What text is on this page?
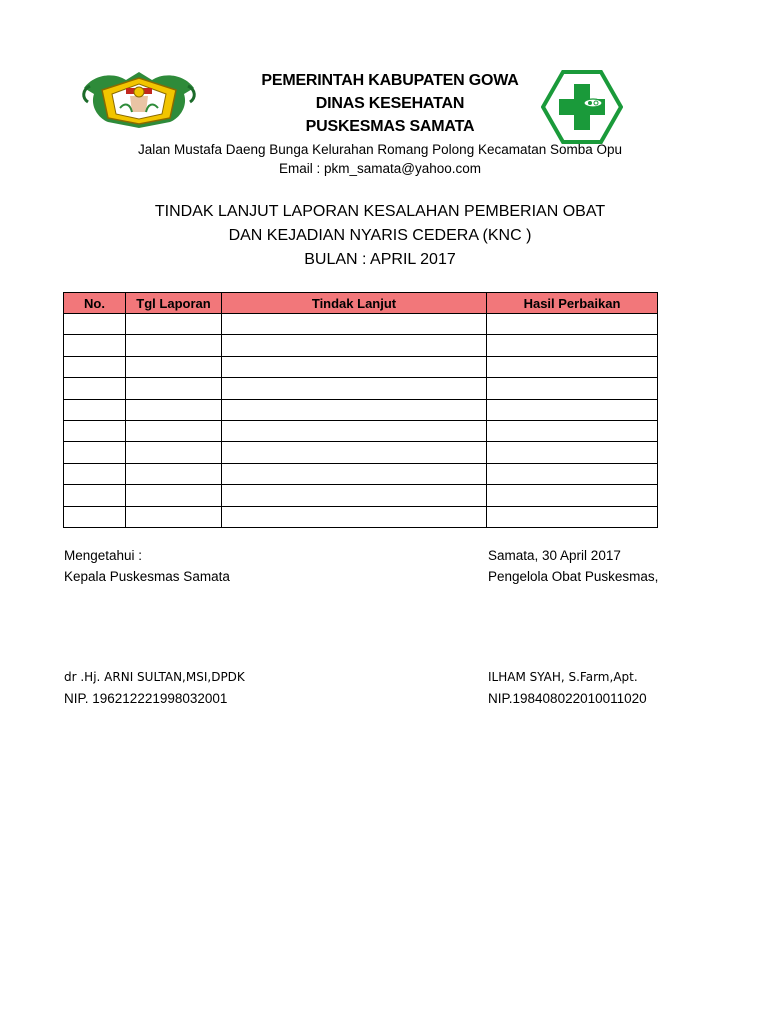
PEMERINTAH KABUPATEN GOWA
DINAS KESEHATAN
PUSKESMAS SAMATA
Jalan Mustafa Daeng Bunga Kelurahan Romang Polong Kecamatan Somba Opu
Email : pkm_samata@yahoo.com
TINDAK LANJUT LAPORAN KESALAHAN PEMBERIAN OBAT
DAN KEJADIAN NYARIS CEDERA (KNC )
BULAN : APRIL 2017
No.	Tgl Laporan	Tindak Lanjut	Hasil Perbaikan

Mengetahui :
Kepala Puskesmas Samata
dr .Hj. ARNI SULTAN,MSI,DPDK
NIP. 196212221998032001
Samata, 30 April 2017
Pengelola Obat Puskesmas,
ILHAM SYAH, S.Farm,Apt.
NIP.198408022010011020
